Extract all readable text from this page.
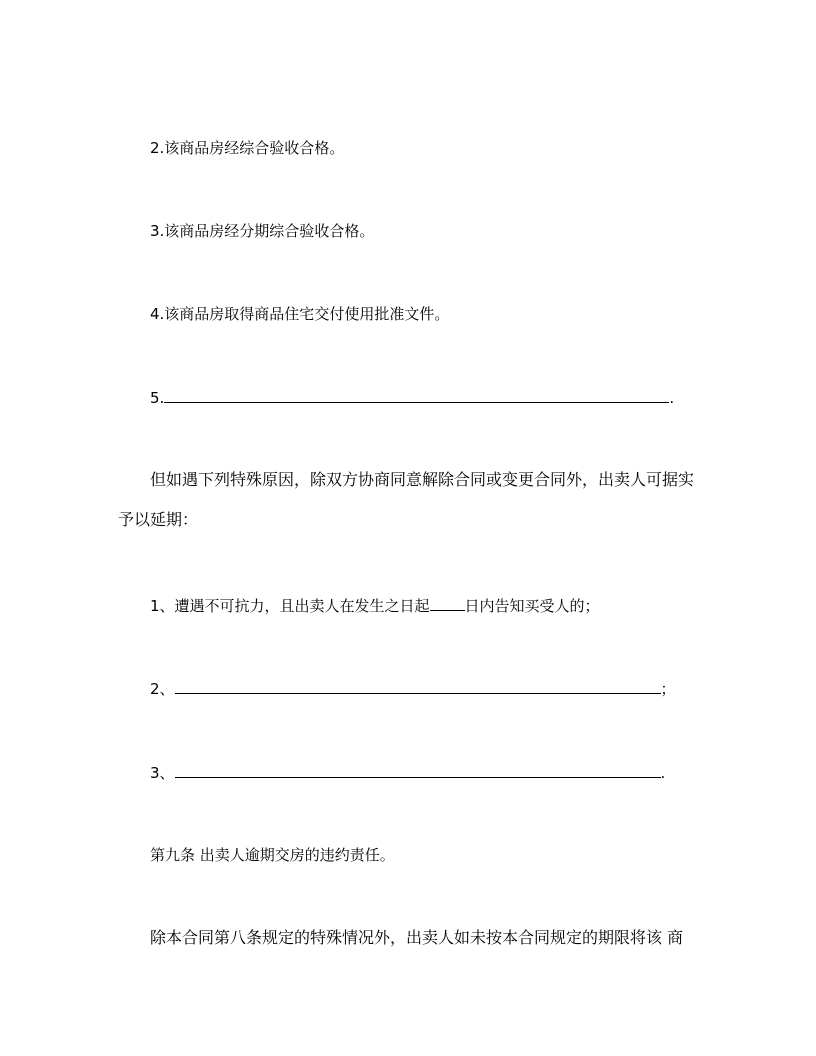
2.该商品房经综合验收合格。
3.该商品房经分期综合验收合格。
4.该商品房取得商品住宅交付使用批准文件。
5.	.
但如遇下列特殊原因，除双方协商同意解除合同或变更合同外，出卖人可据实
予以延期：
1、遭遇不可抗力，且出卖人在发生之日起 日内告知买受人的；
2、	；
3、	.
第九条 出卖人逾期交房的违约责任。
除本合同第八条规定的特殊情况外，出卖人如未按本合同规定的期限将该 商
